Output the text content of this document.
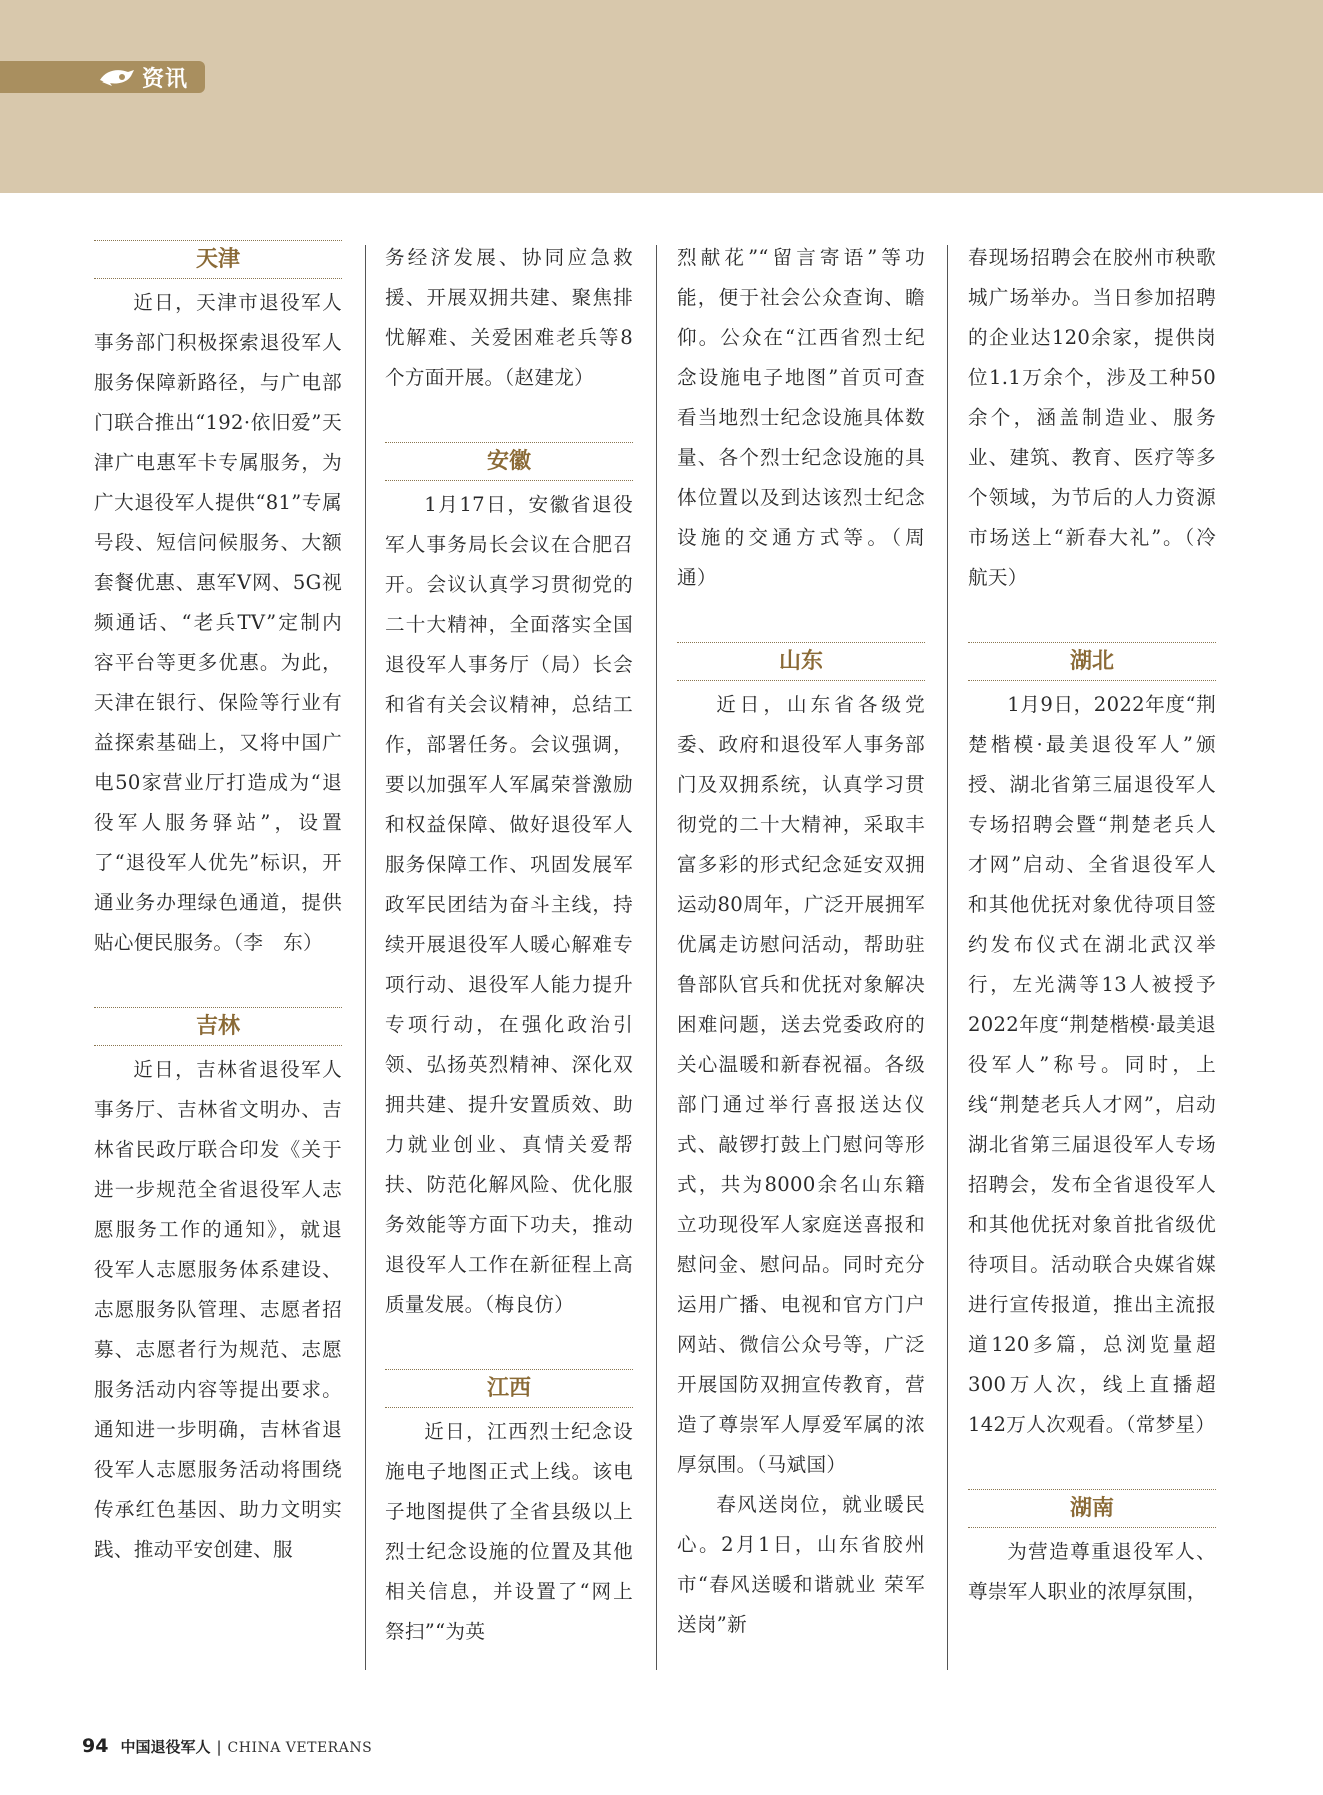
资讯
天津

近日，天津市退役军人事务部门积极探索退役军人服务保障新路径，与广电部门联合推出“192·依旧爱”天津广电惠军卡专属服务，为广大退役军人提供“81”专属号段、短信问候服务、大额套餐优惠、惠军V网、5G视频通话、“老兵TV”定制内容平台等更多优惠。为此，天津在银行、保险等行业有益探索基础上，又将中国广电50家营业厅打造成为“退役军人服务驿站”，设置了“退役军人优先”标识，开通业务办理绿色通道，提供贴心便民服务。（李　东）

吉林

近日，吉林省退役军人事务厅、吉林省文明办、吉林省民政厅联合印发《关于进一步规范全省退役军人志愿服务工作的通知》，就退役军人志愿服务体系建设、志愿服务队管理、志愿者招募、志愿者行为规范、志愿服务活动内容等提出要求。通知进一步明确，吉林省退役军人志愿服务活动将围绕传承红色基因、助力文明实践、推动平安创建、服

务经济发展、协同应急救援、开展双拥共建、聚焦排忧解难、关爱困难老兵等8个方面开展。（赵建龙）

安徽

1月17日，安徽省退役军人事务局长会议在合肥召开。会议认真学习贯彻党的二十大精神，全面落实全国退役军人事务厅（局）长会和省有关会议精神，总结工作，部署任务。会议强调，要以加强军人军属荣誉激励和权益保障、做好退役军人服务保障工作、巩固发展军政军民团结为奋斗主线，持续开展退役军人暖心解难专项行动、退役军人能力提升专项行动，在强化政治引领、弘扬英烈精神、深化双拥共建、提升安置质效、助力就业创业、真情关爱帮扶、防范化解风险、优化服务效能等方面下功夫，推动退役军人工作在新征程上高质量发展。（梅良仿）

江西

近日，江西烈士纪念设施电子地图正式上线。该电子地图提供了全省县级以上烈士纪念设施的位置及其他相关信息，并设置了“网上祭扫”“为英

烈献花”“留言寄语”等功能，便于社会公众查询、瞻仰。公众在“江西省烈士纪念设施电子地图”首页可查看当地烈士纪念设施具体数量、各个烈士纪念设施的具体位置以及到达该烈士纪念设施的交通方式等。（周　通）

山东

近日，山东省各级党委、政府和退役军人事务部门及双拥系统，认真学习贯彻党的二十大精神，采取丰富多彩的形式纪念延安双拥运动80周年，广泛开展拥军优属走访慰问活动，帮助驻鲁部队官兵和优抚对象解决困难问题，送去党委政府的关心温暖和新春祝福。各级部门通过举行喜报送达仪式、敲锣打鼓上门慰问等形式，共为8000余名山东籍立功现役军人家庭送喜报和慰问金、慰问品。同时充分运用广播、电视和官方门户网站、微信公众号等，广泛开展国防双拥宣传教育，营造了尊崇军人厚爱军属的浓厚氛围。（马斌国）

春风送岗位，就业暖民心。2月1日，山东省胶州市“春风送暖和谐就业 荣军送岗”新

春现场招聘会在胶州市秧歌城广场举办。当日参加招聘的企业达120余家，提供岗位1.1万余个，涉及工种50余个，涵盖制造业、服务业、建筑、教育、医疗等多个领域，为节后的人力资源市场送上“新春大礼”。（冷航天）

湖北

1月9日，2022年度“荆楚楷模·最美退役军人”颁授、湖北省第三届退役军人专场招聘会暨“荆楚老兵人才网”启动、全省退役军人和其他优抚对象优待项目签约发布仪式在湖北武汉举行，左光满等13人被授予2022年度“荆楚楷模·最美退役军人”称号。同时，上线“荆楚老兵人才网”，启动湖北省第三届退役军人专场招聘会，发布全省退役军人和其他优抚对象首批省级优待项目。活动联合央媒省媒进行宣传报道，推出主流报道120多篇，总浏览量超300万人次，线上直播超142万人次观看。（常梦星）

湖南

为营造尊重退役军人、尊崇军人职业的浓厚氛围，

94 中国退役军人 | CHINA VETERANS
